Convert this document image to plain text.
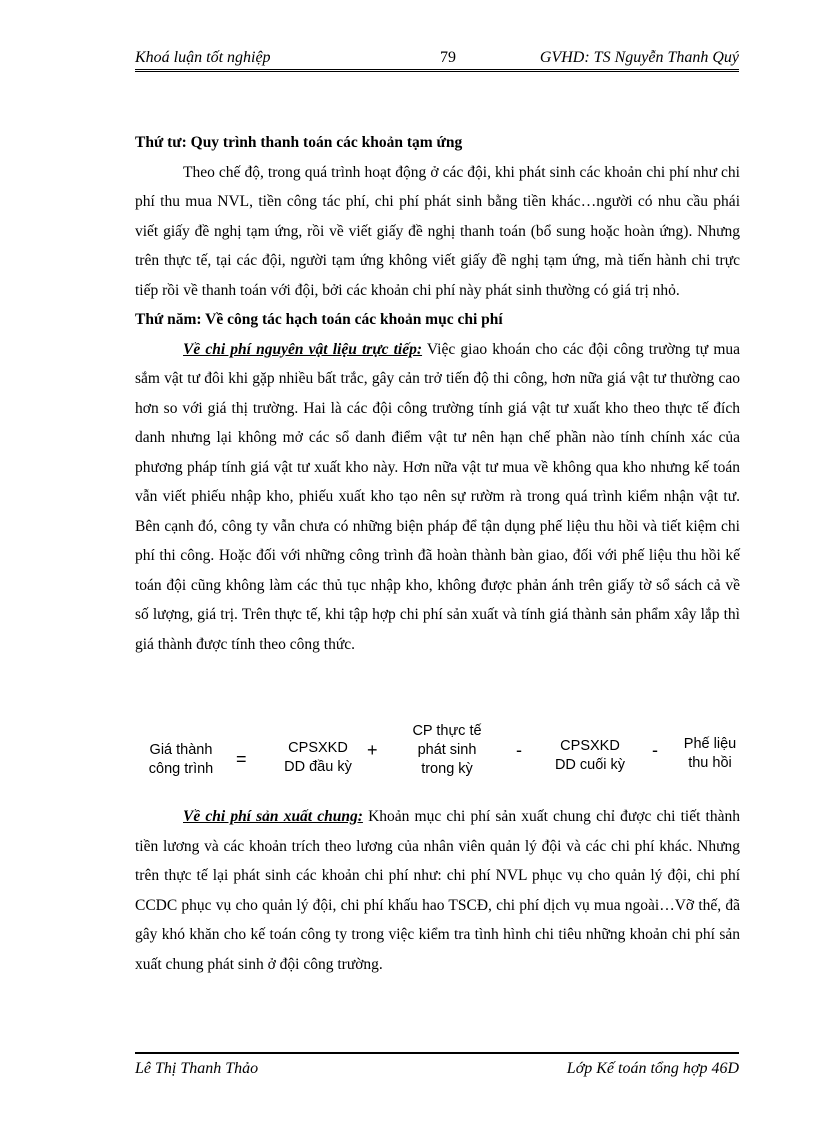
Khoá luận tốt nghiệp	79	GVHD: TS Nguyễn Thanh Quý

Thứ tư: Quy trình thanh toán các khoản tạm ứng

Theo chế độ, trong quá trình hoạt động ở các đội, khi phát sinh các khoản chi phí như chi phí thu mua NVL, tiền công tác phí, chi phí phát sinh bằng tiền khác…người có nhu cầu phái viết giấy đề nghị tạm ứng, rồi về viết giấy đề nghị thanh toán (bổ sung hoặc hoàn ứng). Nhưng trên thực tế, tại các đội, người tạm ứng không viết giấy đề nghị tạm ứng, mà tiến hành chi trực tiếp rồi về thanh toán với đội, bởi các khoản chi phí này phát sinh thường có giá trị nhỏ.

Thứ năm: Về công tác hạch toán các khoản mục chi phí

Về chi phí nguyên vật liệu trực tiếp: Việc giao khoán cho các đội công trường tự mua sắm vật tư đôi khi gặp nhiều bất trắc, gây cản trở tiến độ thi công, hơn nữa giá vật tư thường cao hơn so với giá thị trường. Hai là các đội công trường tính giá vật tư xuất kho theo thực tế đích danh nhưng lại không mở các sổ danh điểm vật tư nên hạn chế phần nào tính chính xác của phương pháp tính giá vật tư xuất kho này. Hơn nữa vật tư mua về không qua kho nhưng kế toán vẫn viết phiếu nhập kho, phiếu xuất kho tạo nên sự rườm rà trong quá trình kiểm nhận vật tư. Bên cạnh đó, công ty vẫn chưa có những biện pháp để tận dụng phế liệu thu hồi và tiết kiệm chi phí thi công. Hoặc đối với những công trình đã hoàn thành bàn giao, đối với phế liệu thu hồi kế toán đội cũng không làm các thủ tục nhập kho, không được phản ánh trên giấy tờ sổ sách cả về số lượng, giá trị. Trên thực tế, khi tập hợp chi phí sản xuất và tính giá thành sản phẩm xây lắp thì giá thành được tính theo công thức.

Giá thành
công trình	=
CPSXKD
DD đầu kỳ
+
CP thực tế
phát sinh
trong kỳ
-	CPSXKD
DD cuối kỳ
-	Phế liệu
thu hồi

Về chi phí sản xuất chung: Khoản mục chi phí sản xuất chung chỉ được chi tiết thành tiền lương và các khoản trích theo lương của nhân viên quản lý đội và các chi phí khác. Nhưng trên thực tế lại phát sinh các khoản chi phí như: chi phí NVL phục vụ cho quản lý đội, chi phí CCDC phục vụ cho quản lý đội, chi phí khấu hao TSCĐ, chi phí dịch vụ mua ngoài…Vỡ thế, đã gây khó khăn cho kế toán công ty trong việc kiểm tra tình hình chi tiêu những khoản chi phí sản xuất chung phát sinh ở đội công trường.

Lê Thị Thanh Thảo	Lớp Kế toán tổng hợp 46D
